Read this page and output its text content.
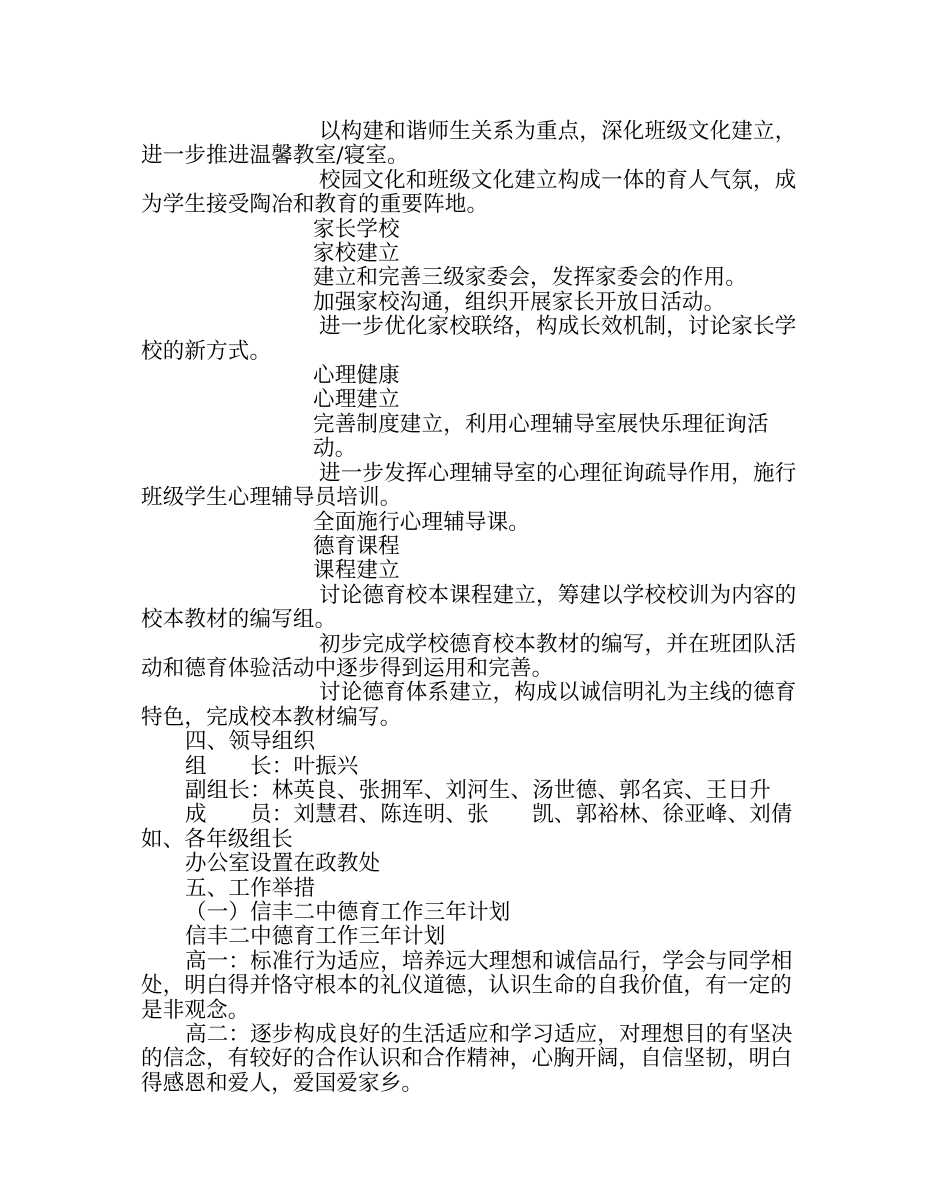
以构建和谐师生关系为重点，深化班级文化建立，进一步推进温馨教室/寝室。

校园文化和班级文化建立构成一体的育人气氛，成为学生接受陶冶和教育的重要阵地。

家长学校

家校建立

建立和完善三级家委会，发挥家委会的作用。

加强家校沟通，组织开展家长开放日活动。

进一步优化家校联络，构成长效机制，讨论家长学校的新方式。

心理健康

心理建立

完善制度建立，利用心理辅导室展快乐理征询活动。

进一步发挥心理辅导室的心理征询疏导作用，施行班级学生心理辅导员培训。

全面施行心理辅导课。

德育课程

课程建立

讨论德育校本课程建立，筹建以学校校训为内容的校本教材的编写组。

初步完成学校德育校本教材的编写，并在班团队活动和德育体验活动中逐步得到运用和完善。

讨论德育体系建立，构成以诚信明礼为主线的德育特色，完成校本教材编写。

四、领导组织

组　　长：叶振兴

副组长：林英良、张拥军、刘河生、汤世德、郭名宾、王日升

成　　员：刘慧君、陈连明、张　　凯、郭裕林、徐亚峰、刘倩如、各年级组长

办公室设置在政教处

五、工作举措

（一）信丰二中德育工作三年计划

信丰二中德育工作三年计划

高一：标准行为适应，培养远大理想和诚信品行，学会与同学相处，明白得并恪守根本的礼仪道德，认识生命的自我价值，有一定的是非观念。

高二：逐步构成良好的生活适应和学习适应，对理想目的有坚决的信念，有较好的合作认识和合作精神，心胸开阔，自信坚韧，明白得感恩和爱人，爱国爱家乡。
